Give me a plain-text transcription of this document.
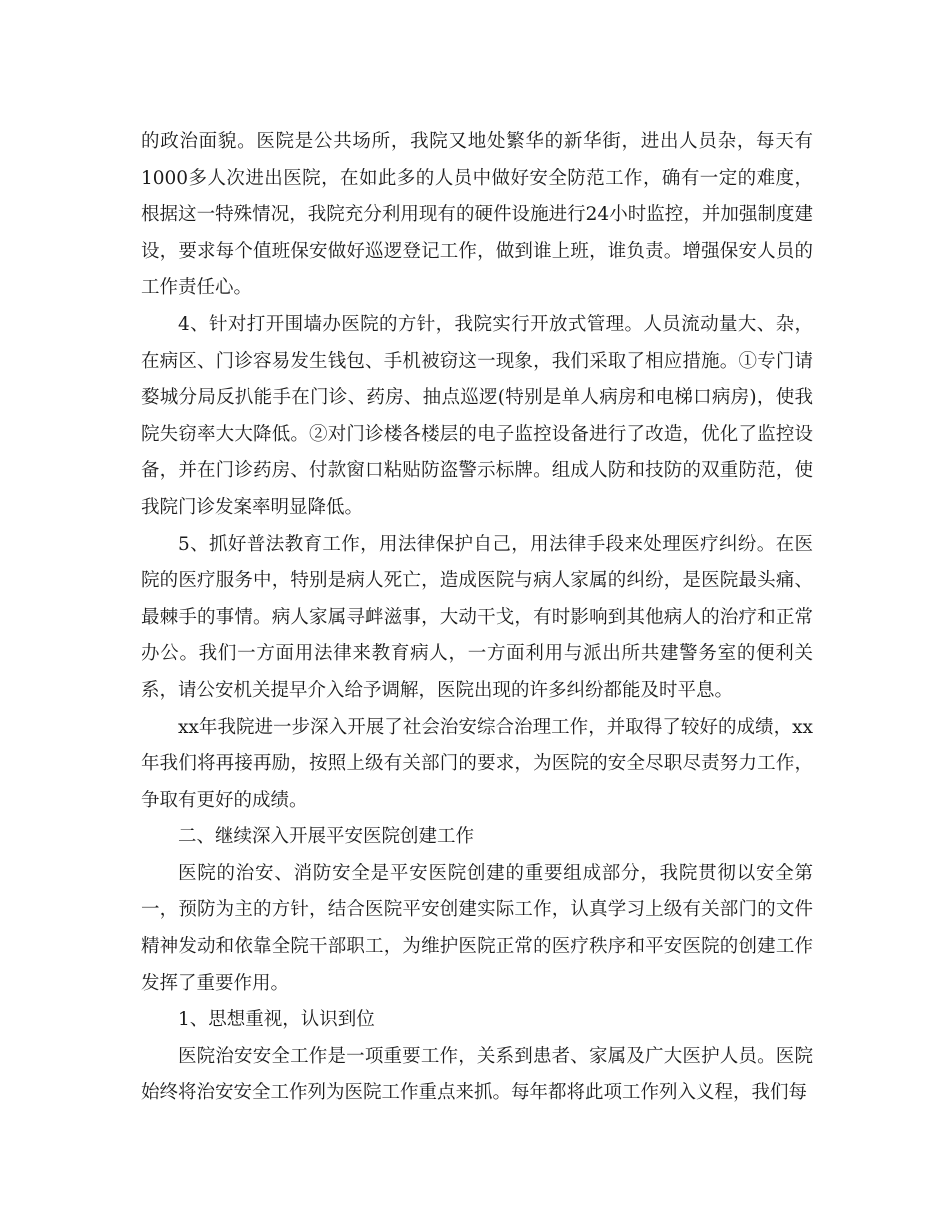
的政治面貌。医院是公共场所，我院又地处繁华的新华街，进出人员杂，每天有1000多人次进出医院，在如此多的人员中做好安全防范工作，确有一定的难度，根据这一特殊情况，我院充分利用现有的硬件设施进行24小时监控，并加强制度建设，要求每个值班保安做好巡逻登记工作，做到谁上班，谁负责。增强保安人员的工作责任心。

4、针对打开围墙办医院的方针，我院实行开放式管理。人员流动量大、杂，在病区、门诊容易发生钱包、手机被窃这一现象，我们采取了相应措施。①专门请婺城分局反扒能手在门诊、药房、抽点巡逻(特别是单人病房和电梯口病房)，使我院失窃率大大降低。②对门诊楼各楼层的电子监控设备进行了改造，优化了监控设备，并在门诊药房、付款窗口粘贴防盗警示标牌。组成人防和技防的双重防范，使我院门诊发案率明显降低。

5、抓好普法教育工作，用法律保护自己，用法律手段来处理医疗纠纷。在医院的医疗服务中，特别是病人死亡，造成医院与病人家属的纠纷，是医院最头痛、最棘手的事情。病人家属寻衅滋事，大动干戈，有时影响到其他病人的治疗和正常办公。我们一方面用法律来教育病人，一方面利用与派出所共建警务室的便利关系，请公安机关提早介入给予调解，医院出现的许多纠纷都能及时平息。

xx年我院进一步深入开展了社会治安综合治理工作，并取得了较好的成绩，xx年我们将再接再励，按照上级有关部门的要求，为医院的安全尽职尽责努力工作，争取有更好的成绩。

二、继续深入开展平安医院创建工作

医院的治安、消防安全是平安医院创建的重要组成部分，我院贯彻以安全第一，预防为主的方针，结合医院平安创建实际工作，认真学习上级有关部门的文件精神发动和依靠全院干部职工，为维护医院正常的医疗秩序和平安医院的创建工作发挥了重要作用。

1、思想重视，认识到位

医院治安安全工作是一项重要工作，关系到患者、家属及广大医护人员。医院始终将治安安全工作列为医院工作重点来抓。每年都将此项工作列入义程，我们每
